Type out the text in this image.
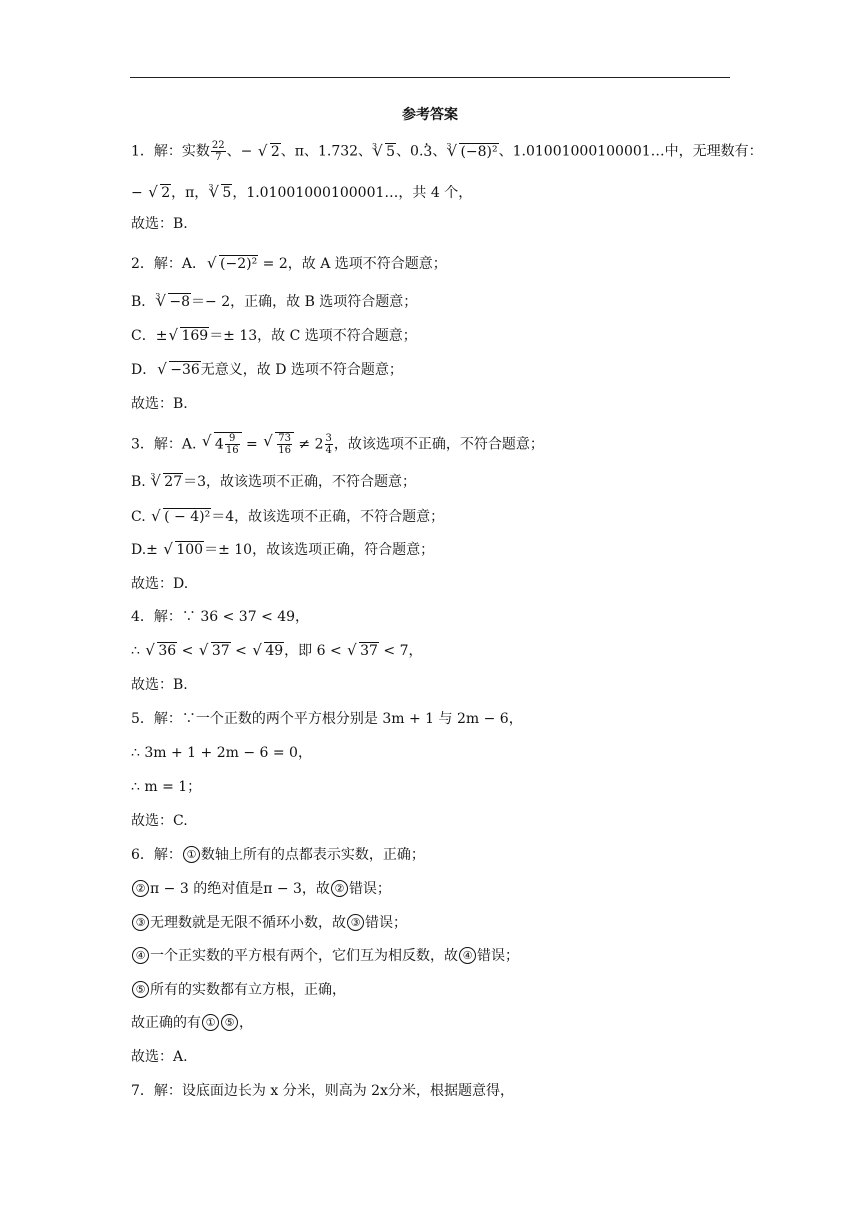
参考答案
1．解：实数 $\frac{22}{7}$ 、− √ 2、π、1.732、$^3$ √ 5、0.3 ·、$^3$ √ (−8)²、1.01001000100001…中，无理数有：
− √ 2，π，$^3$ √ 5，1.01001000100001…，共 4 个，
故选：B.
2．解：A． √ (−2)² = 2，故 A 选项不符合题意；
B．$^3$ √ −8＝− 2，正确，故 B 选项符合题意；
C．± √ 169＝± 13，故 C 选项不符合题意；
D． √ −36无意义，故 D 选项不符合题意；
故选：B.
3．解：A. √ $4 \frac{9}{16}$ = √ $\frac{73}{16} \ne 2 \frac{3}{4}$ ，故该选项不正确，不符合题意；
B. $^3$ √ 27＝3，故该选项不正确，不符合题意；
C. √ ( − 4)²＝4，故该选项不正确，不符合题意；
D.± √ 100＝± 10，故该选项正确，符合题意；
故选：D.
4．解：∵ 36 < 37 < 49，
∴ √ 36 < √ 37 < √ 49，即 6 < √ 37 < 7，
故选：B.
5．解：∵一个正数的两个平方根分别是 3m + 1 与 2m − 6，
∴ 3m + 1 + 2m − 6 = 0，
∴ m = 1；
故选：C.
6．解： ① 数轴上所有的点都表示实数，正确；
② π − 3 的绝对值是π − 3，故 ② 错误；
③ 无理数就是无限不循环小数，故 ③ 错误；
④ 一个正实数的平方根有两个，它们互为相反数，故 ④ 错误；
⑤ 所有的实数都有立方根，正确，
故正确的有 ① ⑤ ，
故选：A.
7．解：设底面边长为 x 分米，则高为 2x分米，根据题意得，
